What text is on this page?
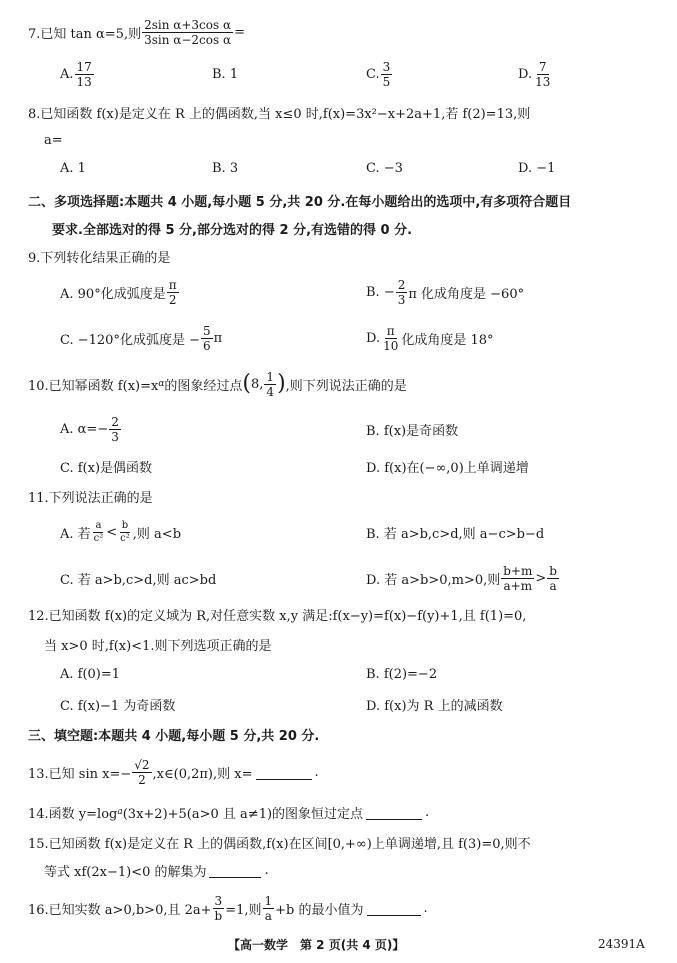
7.已知 tan α=5,则 $\frac{\text{2sin α+3cos α}}{\text{3sin α−2cos α}}$ =
A. $\frac{17}{13}$	B. 1	C. $\frac{3}{5}$	D. $\frac{7}{13}$
8.已知函数 f(x)是定义在 R 上的偶函数,当 x≤0 时,f(x)=3x²−x+2a+1,若 f(2)=13,则
a=
A. 1	B. 3	C. −3	D. −1
二、多项选择题:本题共 4 小题,每小题 5 分,共 20 分.在每小题给出的选项中,有多项符合题目
要求.全部选对的得 5 分,部分选对的得 2 分,有选错的得 0 分.
9.下列转化结果正确的是
A. 90°化成弧度是 $\frac{\pi}{2}$	B. − $\frac{2}{3}$ π 化成角度是 −60°
C. −120°化成弧度是 − $\frac{5}{6}$ π	D. $\frac{\pi}{10}$ 化成角度是 18°
10.已知幂函数 f(x)=x α 的图象经过点 ( 8, $\frac{1}{4}$ ) ,则下列说法正确的是
A. $\alpha=- \frac{2}{3}$	B. f(x)是奇函数
C. f(x)是偶函数	D. f(x)在(−∞,0)上单调递增
11.下列说法正确的是
A. 若 $\frac{a}{\text{c²}} < \frac{b}{\text{c²}}$ ,则 a<b	B. 若 a>b,c>d,则 a−c>b−d
C. 若 a>b,c>d,则 ac>bd	D. 若 a>b>0,m>0,则 $\frac{b+m}{a+m} > \frac{b}{a}$
12.已知函数 f(x)的定义域为 R,对任意实数 x,y 满足:f(x−y)=f(x)−f(y)+1,且 f(1)=0,
当 x>0 时,f(x)<1.则下列选项正确的是
A. f(0)=1	B. f(2)=−2
C. f(x)−1 为奇函数	D. f(x)为 R 上的减函数
三、填空题:本题共 4 小题,每小题 5 分,共 20 分.
13.已知 $\sin x=- \frac{√2}{2}$ ,x∈(0,2π),则 x=	.
14.函数 y=log a (3x+2)+5(a>0 且 a≠1)的图象恒过定点	.
15.已知函数 f(x)是定义在 R 上的偶函数,f(x)在区间[0,+∞)上单调递增,且 f(3)=0,则不
等式 xf(2x−1)<0 的解集为	.
16.已知实数 a>0,b>0,且 $2a+ \frac{3}{b} =1$,则 $\frac{1}{a} +b$ 的最小值为	.
【高一数学　第 2 页(共 4 页)】	24391A
